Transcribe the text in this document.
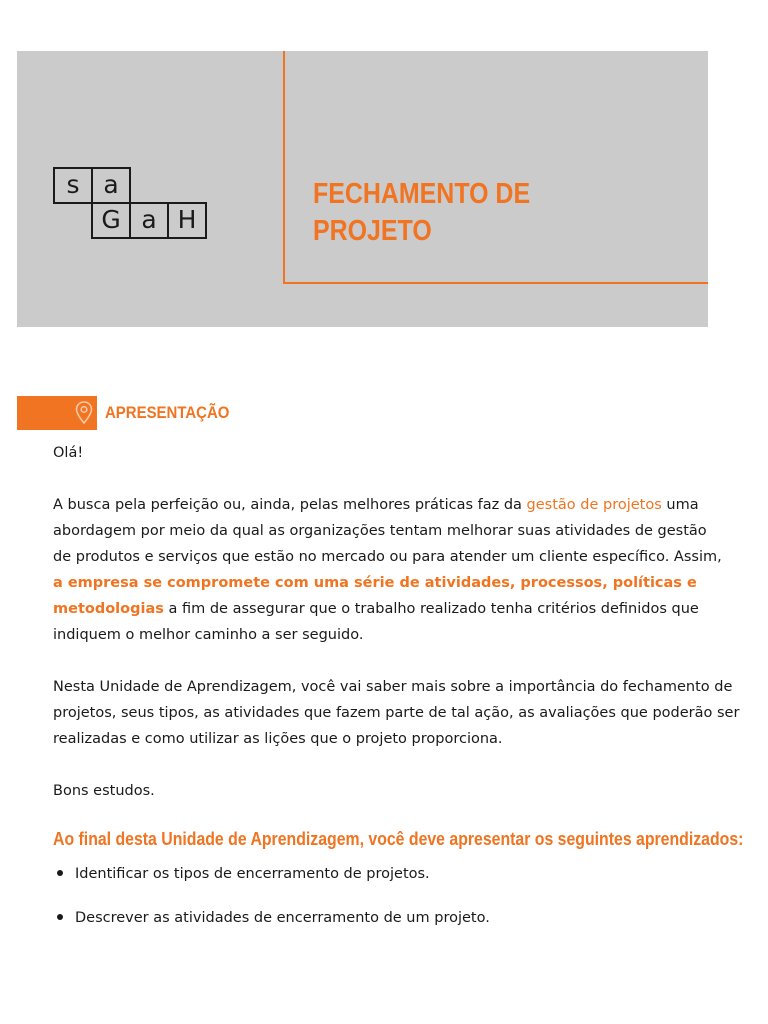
s a
G a H
FECHAMENTO DE
PROJETO
APRESENTAÇÃO

Olá!

A busca pela perfeição ou, ainda, pelas melhores práticas faz da gestão de projetos uma

abordagem por meio da qual as organizações tentam melhorar suas atividades de gestão

de produtos e serviços que estão no mercado ou para atender um cliente específico. Assim,

a empresa se compromete com uma série de atividades, processos, políticas e

metodologias a fim de assegurar que o trabalho realizado tenha critérios definidos que

indiquem o melhor caminho a ser seguido.

Nesta Unidade de Aprendizagem, você vai saber mais sobre a importância do fechamento de

projetos, seus tipos, as atividades que fazem parte de tal ação, as avaliações que poderão ser

realizadas e como utilizar as lições que o projeto proporciona.

Bons estudos.

Ao final desta Unidade de Aprendizagem, você deve apresentar os seguintes aprendizados:
Identificar os tipos de encerramento de projetos.
Descrever as atividades de encerramento de um projeto.
